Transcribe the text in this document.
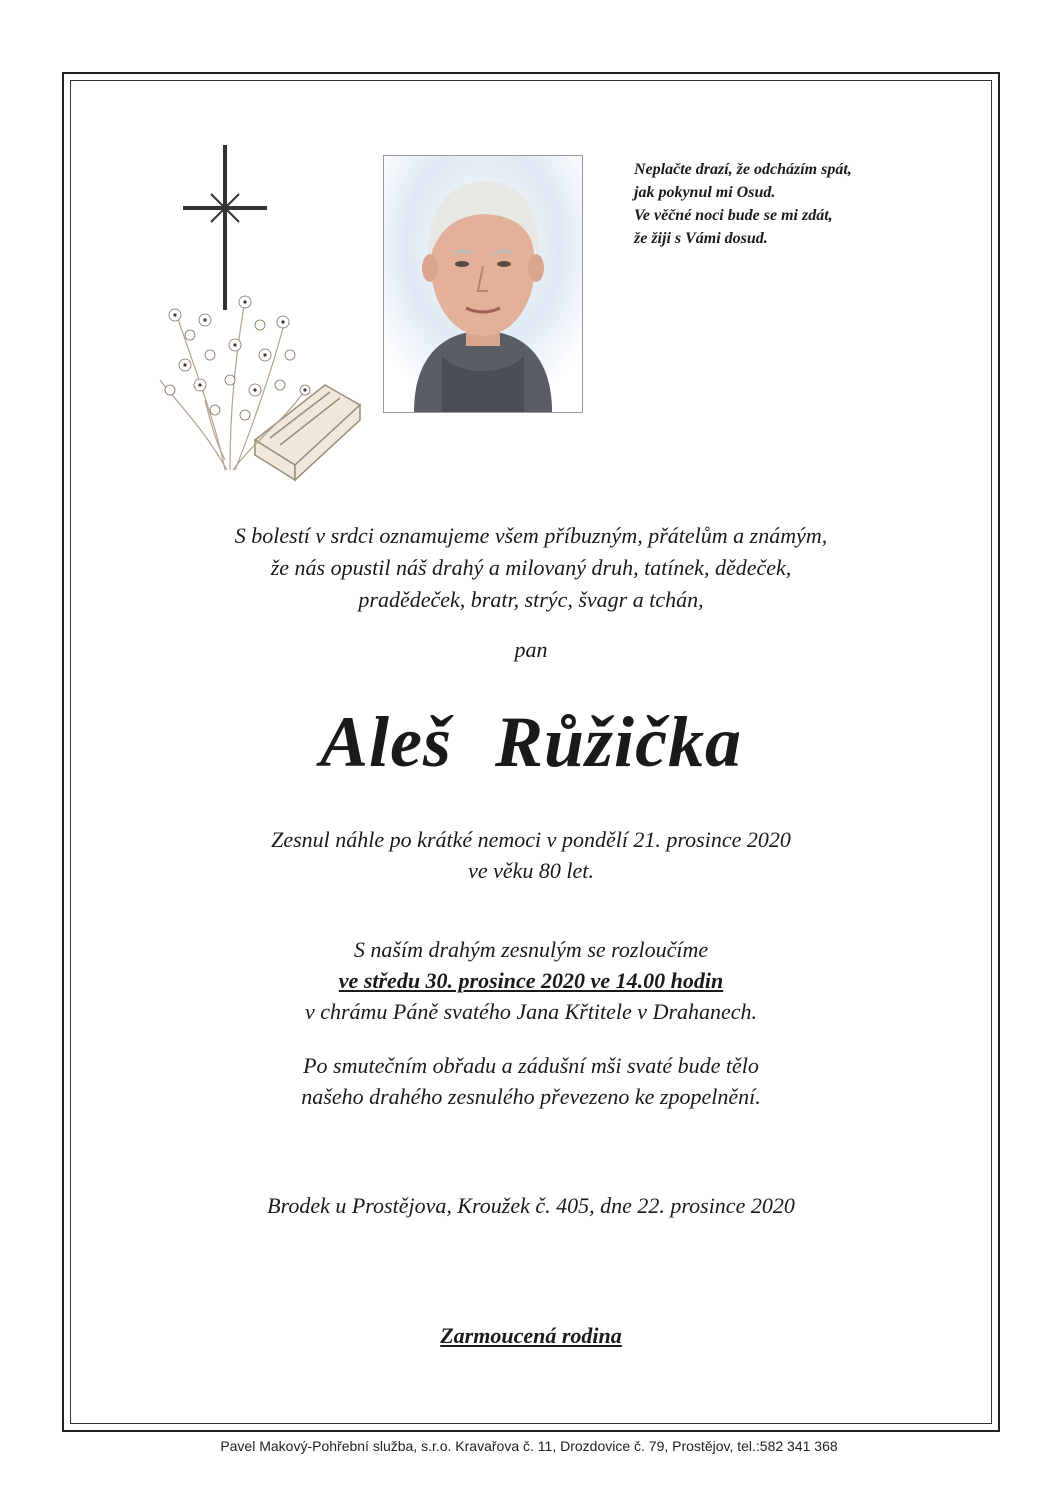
Neplačte drazí, že odcházím spát,
jak pokynul mi Osud.
Ve věčné noci bude se mi zdát,
že žiji s Vámi dosud.
S bolestí v srdci oznamujeme všem příbuzným, přátelům a známým,
že nás opustil náš drahý a milovaný druh, tatínek, dědeček,
pradědeček, bratr, strýc, švagr a tchán,
pan
Aleš Růžička
Zesnul náhle po krátké nemoci v pondělí 21. prosince 2020
ve věku 80 let.
S naším drahým zesnulým se rozloučíme
ve středu 30. prosince 2020 ve 14.00 hodin
v chrámu Páně svatého Jana Křtitele v Drahanech.
Po smutečním obřadu a zádušní mši svaté bude tělo
našeho drahého zesnulého převezeno ke zpopelnění.
Brodek u Prostějova, Kroužek č. 405, dne 22. prosince 2020
Zarmoucená rodina
Pavel Makový-Pohřební služba, s.r.o. Kravařova č. 11, Drozdovice č. 79, Prostějov, tel.:582 341 368
